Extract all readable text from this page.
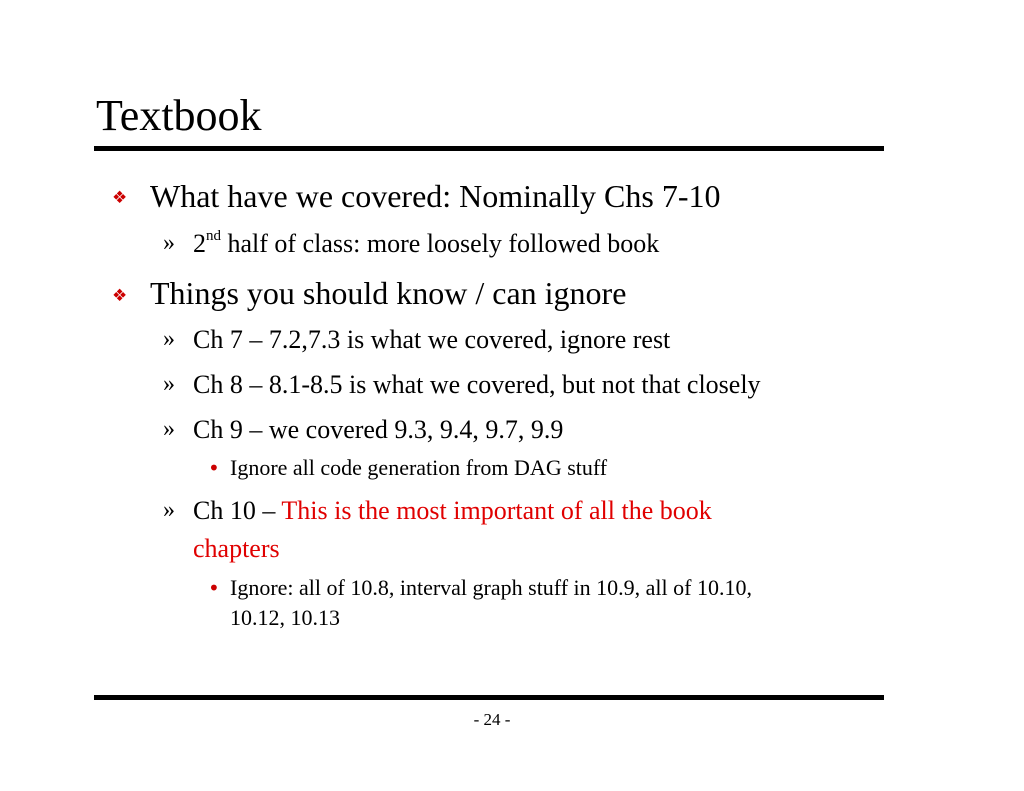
Textbook
❖ What have we covered: Nominally Chs 7-10
» 2nd half of class: more loosely followed book
❖ Things you should know / can ignore
» Ch 7 – 7.2,7.3 is what we covered, ignore rest
» Ch 8 – 8.1-8.5 is what we covered, but not that closely
» Ch 9 – we covered 9.3, 9.4, 9.7, 9.9
• Ignore all code generation from DAG stuff
» Ch 10 – This is the most important of all the book
chapters
• Ignore: all of 10.8, interval graph stuff in 10.9, all of 10.10,
10.12, 10.13
- 24 -
